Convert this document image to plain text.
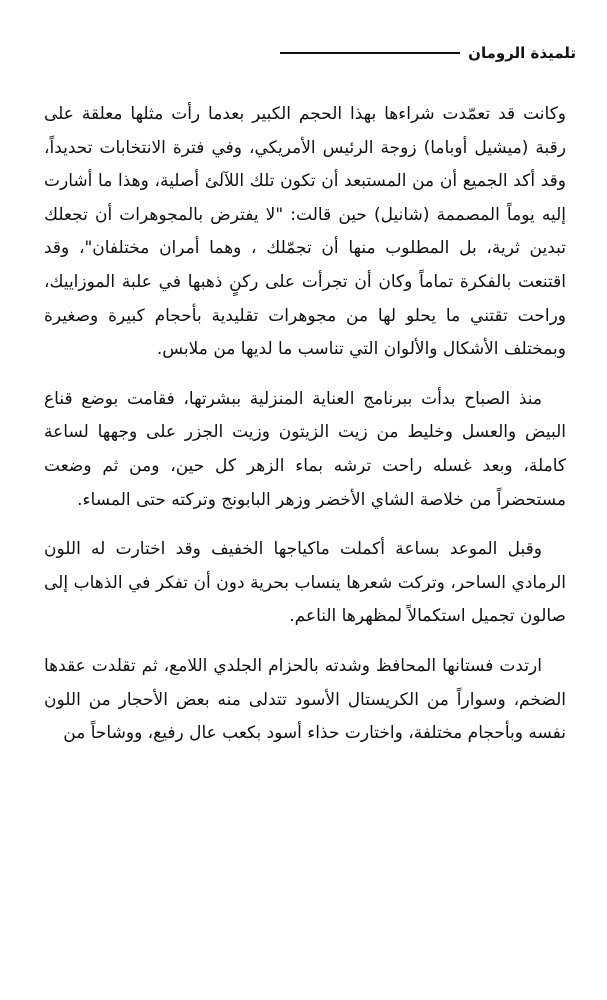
تلميذة الرومان

وكانت قد تعمّدت شراءها بهذا الحجم الكبير بعدما رأت مثلها معلقة على رقبة (ميشيل أوباما) زوجة الرئيس الأمريكي، وفي فترة الانتخابات تحديداً، وقد أكد الجميع أن من المستبعد أن تكون تلك اللآلئ أصلية، وهذا ما أشارت إليه يوماً المصممة (شانيل) حين قالت: "لا يفترض بالمجوهرات أن تجعلك تبدين ثرية، بل المطلوب منها أن تجمّلك ، وهما أمران مختلفان"، وقد اقتنعت بالفكرة تماماً وكان أن تجرأت على ركنٍ ذهبها في علبة الموزاييك، وراحت تقتني ما يحلو لها من مجوهرات تقليدية بأحجام كبيرة وصغيرة وبمختلف الأشكال والألوان التي تناسب ما لديها من ملابس.

منذ الصباح بدأت ببرنامج العناية المنزلية ببشرتها، فقامت بوضع قناع البيض والعسل وخليط من زيت الزيتون وزيت الجزر على وجهها لساعة كاملة، وبعد غسله راحت ترشه بماء الزهر كل حين، ومن ثم وضعت مستحضراً من خلاصة الشاي الأخضر وزهر البابونج وتركته حتى المساء.

وقبل الموعد بساعة أكملت ماكياجها الخفيف وقد اختارت له اللون الرمادي الساحر، وتركت شعرها ينساب بحرية دون أن تفكر في الذهاب إلى صالون تجميل استكمالاً لمظهرها الناعم.

ارتدت فستانها المحافظ وشدته بالحزام الجلدي اللامع، ثم تقلدت عقدها الضخم، وسواراً من الكريستال الأسود تتدلى منه بعض الأحجار من اللون نفسه وبأحجام مختلفة، واختارت حذاء أسود بكعب عال رفيع، ووشاحاً من
